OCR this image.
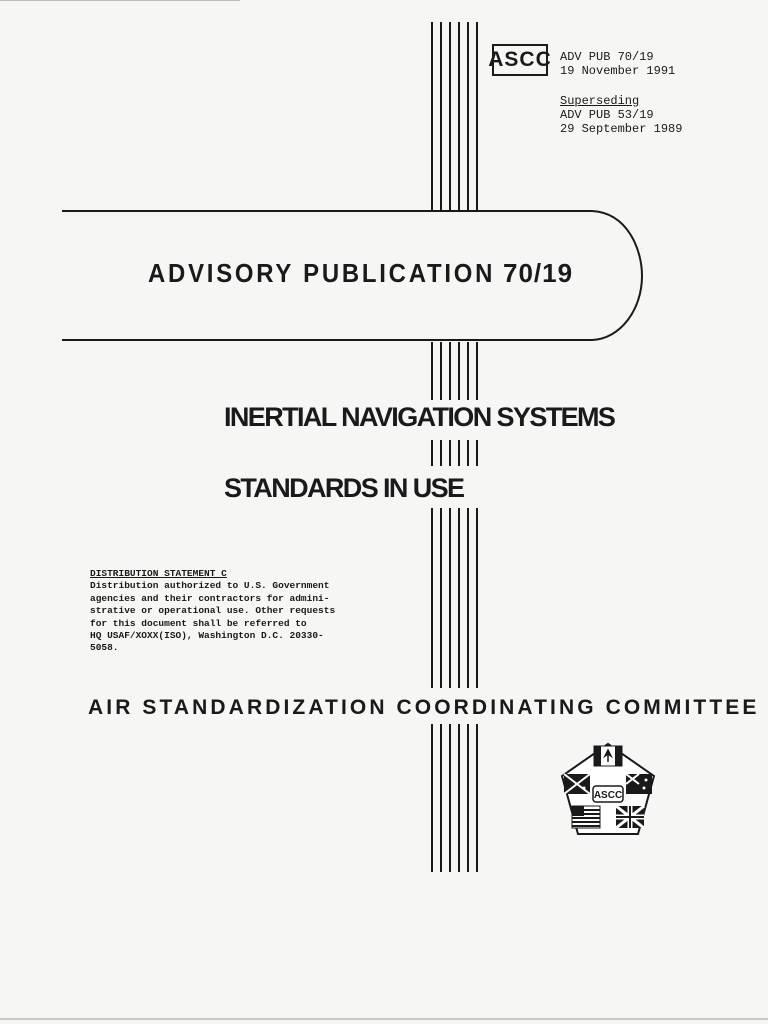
ASCC ADV PUB 70/19
19 November 1991
Superseding
ADV PUB 53/19
29 September 1989
ADVISORY PUBLICATION 70/19
INERTIAL NAVIGATION SYSTEMS
STANDARDS IN USE
DISTRIBUTION STATEMENT C
Distribution authorized to U.S. Government
agencies and their contractors for admini-
strative or operational use. Other requests
for this document shall be referred to
HQ USAF/XOXX(ISO), Washington D.C. 20330-
5058.
AIR STANDARDIZATION COORDINATING COMMITTEE
ASCC
